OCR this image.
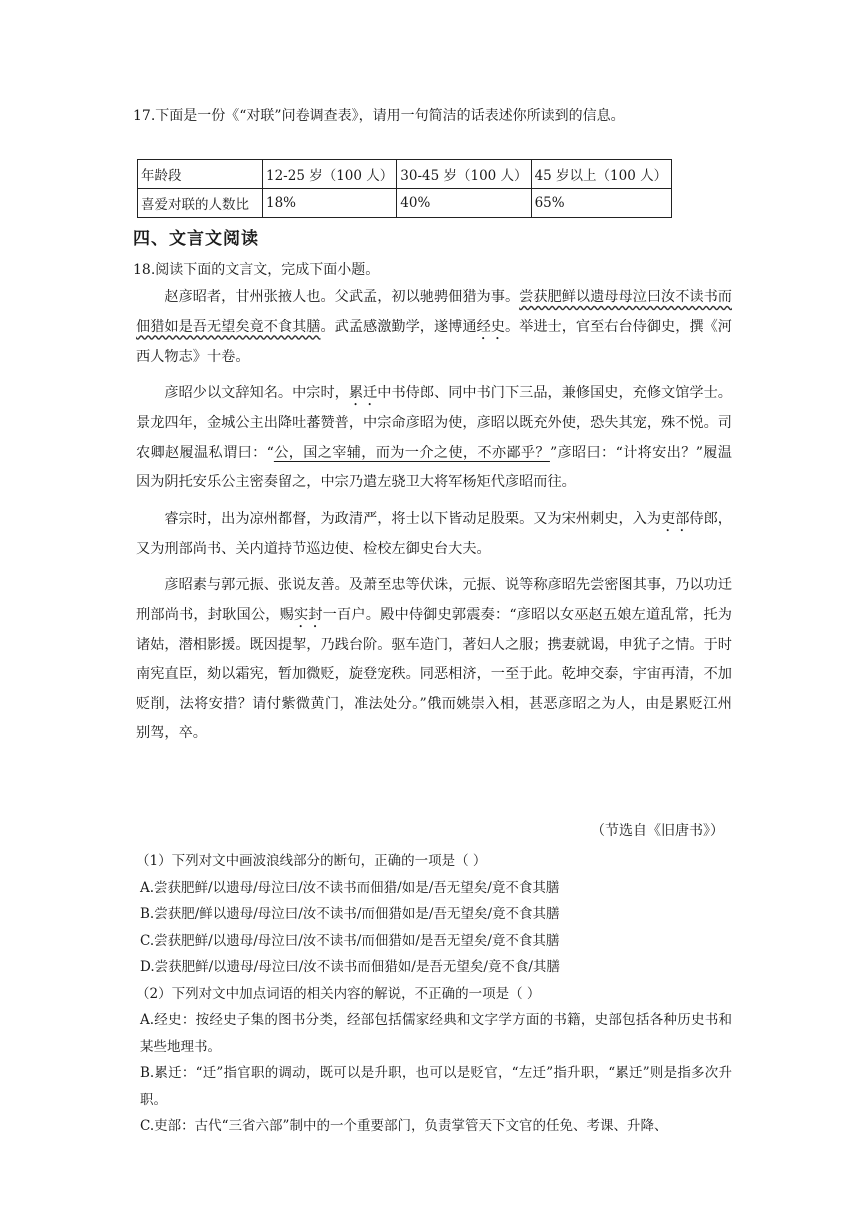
17.下面是一份《“对联”问卷调查表》，请用一句简洁的话表述你所读到的信息。
年龄段	12-25 岁（100 人）	30-45 岁（100 人）	45 岁以上（100 人）
喜爱对联的人数比	18%	40%	65%
四、文言文阅读
18.阅读下面的文言文，完成下面小题。

赵彦昭者，甘州张掖人也。父武孟，初以驰骋佃猎为事。尝获肥鲜以遗母母泣曰汝不读书而佃猎如是吾无望矣竟不食其膳。武孟感激勤学，遂博通经史。举进士，官至右台侍御史，撰《河西人物志》十卷。

彦昭少以文辞知名。中宗时，累迁中书侍郎、同中书门下三品，兼修国史，充修文馆学士。景龙四年，金城公主出降吐蕃赞普，中宗命彦昭为使，彦昭以既充外使，恐失其宠，殊不悦。司农卿赵履温私谓曰：“公，国之宰辅，而为一介之使，不亦鄙乎？”彦昭曰：“计将安出？”履温因为阴托安乐公主密奏留之，中宗乃遣左骁卫大将军杨矩代彦昭而往。

睿宗时，出为凉州都督，为政清严，将士以下皆动足股栗。又为宋州刺史，入为吏部侍郎，又为刑部尚书、关内道持节巡边使、检校左御史台大夫。

彦昭素与郭元振、张说友善。及萧至忠等伏诛，元振、说等称彦昭先尝密图其事，乃以功迁刑部尚书，封耿国公，赐实封一百户。殿中侍御史郭震奏：“彦昭以女巫赵五娘左道乱常，托为诸姑，潜相影援。既因提挈，乃践台阶。驱车造门，著妇人之服；携妻就谒，申犹子之情。于时南宪直臣，劾以霜宪，暂加微贬，旋登宠秩。同恶相济，一至于此。乾坤交泰，宇宙再清，不加贬削，法将安措？请付紫微黄门，准法处分。”俄而姚崇入相，甚恶彦昭之为人，由是累贬江州别驾，卒。

（节选自《旧唐书》）
（1）下列对文中画波浪线部分的断句，正确的一项是（ ）
A.尝获肥鲜/以遗母/母泣曰/汝不读书而佃猎/如是/吾无望矣/竟不食其膳
B.尝获肥/鲜以遗母/母泣曰/汝不读书/而佃猎如是/吾无望矣/竟不食其膳
C.尝获肥鲜/以遗母/母泣曰/汝不读书/而佃猎如/是吾无望矣/竟不食其膳
D.尝获肥鲜/以遗母/母泣曰/汝不读书而佃猎如/是吾无望矣/竟不食/其膳
（2）下列对文中加点词语的相关内容的解说，不正确的一项是（ ）
A.经史：按经史子集的图书分类，经部包括儒家经典和文字学方面的书籍，史部包括各种历史书和某些地理书。
B.累迁：“迁”指官职的调动，既可以是升职，也可以是贬官，“左迁”指升职，“累迁”则是指多次升职。
C.吏部：古代“三省六部”制中的一个重要部门，负责掌管天下文官的任免、考课、升降、
